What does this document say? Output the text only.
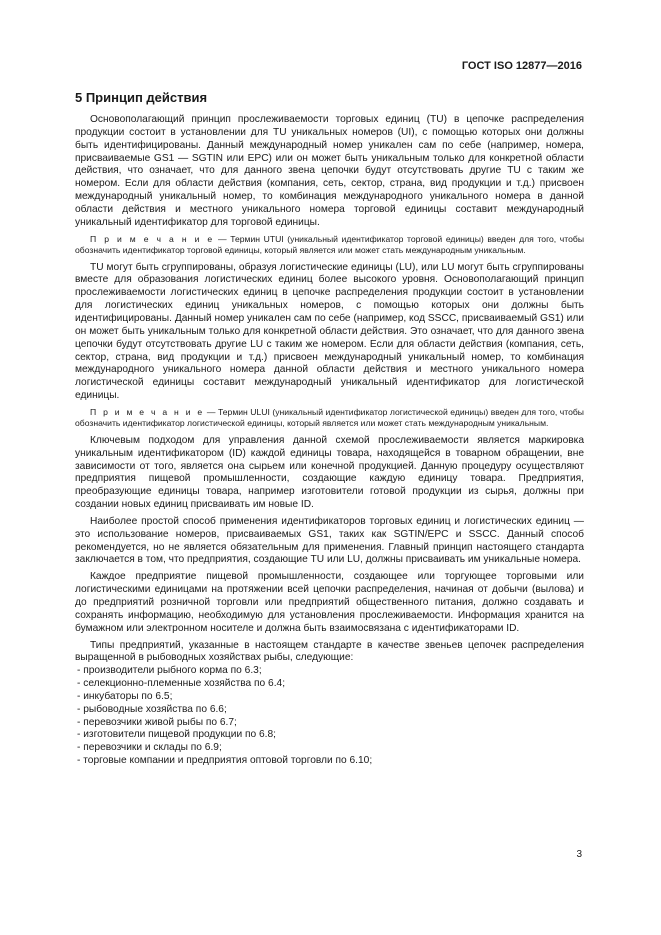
ГОСТ ISO 12877—2016
5 Принцип действия

Основополагающий принцип прослеживаемости торговых единиц (TU) в цепочке распределения продукции состоит в установлении для TU уникальных номеров (UI), с помощью которых они должны быть идентифицированы. Данный международный номер уникален сам по себе (например, номера, присваиваемые GS1 — SGTIN или EPC) или он может быть уникальным только для конкретной области действия, что означает, что для данного звена цепочки будут отсутствовать другие TU с таким же номером. Если для области действия (компания, сеть, сектор, страна, вид продукции и т.д.) присвоен международный уникальный номер, то комбинация международного уникального номера в данной области действия и местного уникального номера торговой единицы составит международный уникальный идентификатор для торговой единицы.

П р и м е ч а н и е — Термин UTUI (уникальный идентификатор торговой единицы) введен для того, чтобы обозначить идентификатор торговой единицы, который является или может стать международным уникальным.

TU могут быть сгруппированы, образуя логистические единицы (LU), или LU могут быть сгруппированы вместе для образования логистических единиц более высокого уровня. Основополагающий принцип прослеживаемости логистических единиц в цепочке распределения продукции состоит в установлении для логистических единиц уникальных номеров, с помощью которых они должны быть идентифицированы. Данный номер уникален сам по себе (например, код SSCC, присваиваемый GS1) или он может быть уникальным только для конкретной области действия. Это означает, что для данного звена цепочки будут отсутствовать другие LU с таким же номером. Если для области действия (компания, сеть, сектор, страна, вид продукции и т.д.) присвоен международный уникальный номер, то комбинация международного уникального номера данной области действия и местного уникального номера логистической единицы составит международный уникальный идентификатор для логистической единицы.

П р и м е ч а н и е — Термин ULUI (уникальный идентификатор логистической единицы) введен для того, чтобы обозначить идентификатор логистической единицы, который является или может стать международным уникальным.

Ключевым подходом для управления данной схемой прослеживаемости является маркировка уникальным идентификатором (ID) каждой единицы товара, находящейся в товарном обращении, вне зависимости от того, является она сырьем или конечной продукцией. Данную процедуру осуществляют предприятия пищевой промышленности, создающие каждую единицу товара. Предприятия, преобразующие единицы товара, например изготовители готовой продукции из сырья, должны при создании новых единиц присваивать им новые ID.

Наиболее простой способ применения идентификаторов торговых единиц и логистических единиц — это использование номеров, присваиваемых GS1, таких как SGTIN/EPC и SSCC. Данный способ рекомендуется, но не является обязательным для применения. Главный принцип настоящего стандарта заключается в том, что предприятия, создающие TU или LU, должны присваивать им уникальные номера.

Каждое предприятие пищевой промышленности, создающее или торгующее торговыми или логистическими единицами на протяжении всей цепочки распределения, начиная от добычи (вылова) и до предприятий розничной торговли или предприятий общественного питания, должно создавать и сохранять информацию, необходимую для установления прослеживаемости. Информация хранится на бумажном или электронном носителе и должна быть взаимосвязана с идентификаторами ID.

Типы предприятий, указанные в настоящем стандарте в качестве звеньев цепочек распределения выращенной в рыбоводных хозяйствах рыбы, следующие:

- производители рыбного корма по 6.3;
- селекционно-племенные хозяйства по 6.4;
- инкубаторы по 6.5;
- рыбоводные хозяйства по 6.6;
- перевозчики живой рыбы по 6.7;
- изготовители пищевой продукции по 6.8;
- перевозчики и склады по 6.9;
- торговые компании и предприятия оптовой торговли по 6.10;
3
